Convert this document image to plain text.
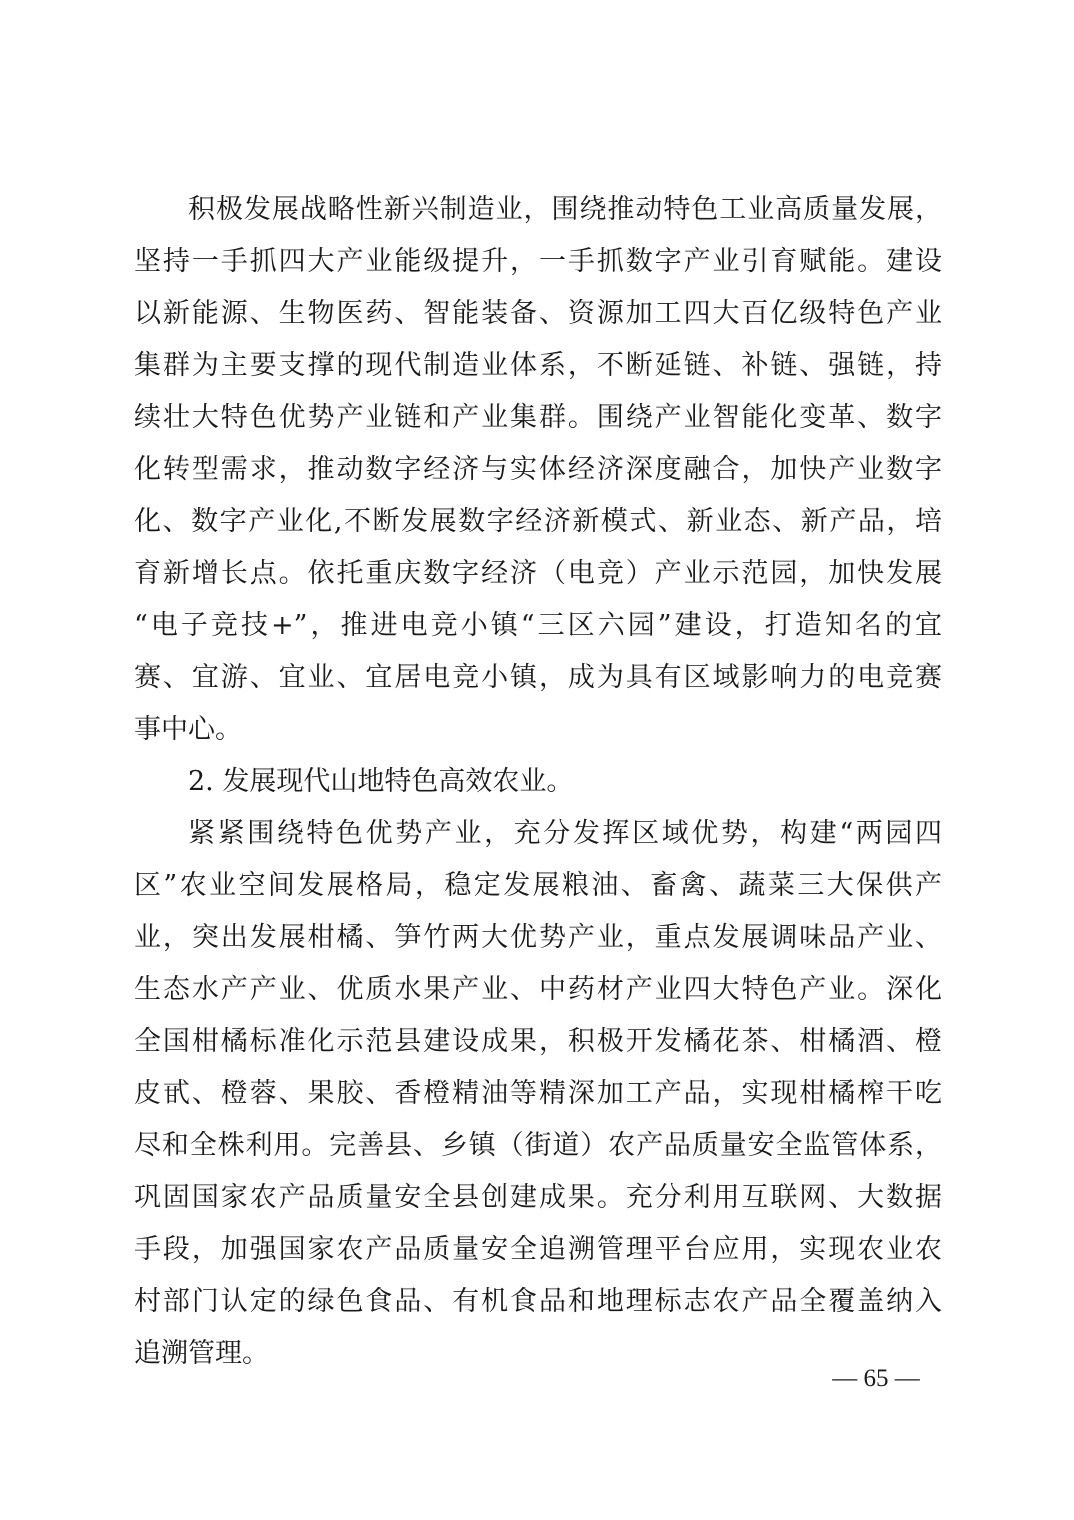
积极发展战略性新兴制造业，围绕推动特色工业高质量发展，
坚持一手抓四大产业能级提升，一手抓数字产业引育赋能。建设
以新能源、生物医药、智能装备、资源加工四大百亿级特色产业
集群为主要支撑的现代制造业体系，不断延链、补链、强链，持
续壮大特色优势产业链和产业集群。围绕产业智能化变革、数字
化转型需求，推动数字经济与实体经济深度融合，加快产业数字
化、数字产业化,不断发展数字经济新模式、新业态、新产品，培
育新增长点。依托重庆数字经济（电竞）产业示范园，加快发展
“电子竞技+”，推进电竞小镇“三区六园”建设，打造知名的宜
赛、宜游、宜业、宜居电竞小镇，成为具有区域影响力的电竞赛
事中心。
2. 发展现代山地特色高效农业。
紧紧围绕特色优势产业，充分发挥区域优势，构建“两园四
区”农业空间发展格局，稳定发展粮油、畜禽、蔬菜三大保供产
业，突出发展柑橘、笋竹两大优势产业，重点发展调味品产业、
生态水产产业、优质水果产业、中药材产业四大特色产业。深化
全国柑橘标准化示范县建设成果，积极开发橘花茶、柑橘酒、橙
皮甙、橙蓉、果胶、香橙精油等精深加工产品，实现柑橘榨干吃
尽和全株利用。完善县、乡镇（街道）农产品质量安全监管体系，
巩固国家农产品质量安全县创建成果。充分利用互联网、大数据
手段，加强国家农产品质量安全追溯管理平台应用，实现农业农
村部门认定的绿色食品、有机食品和地理标志农产品全覆盖纳入
追溯管理。
— 65 —
